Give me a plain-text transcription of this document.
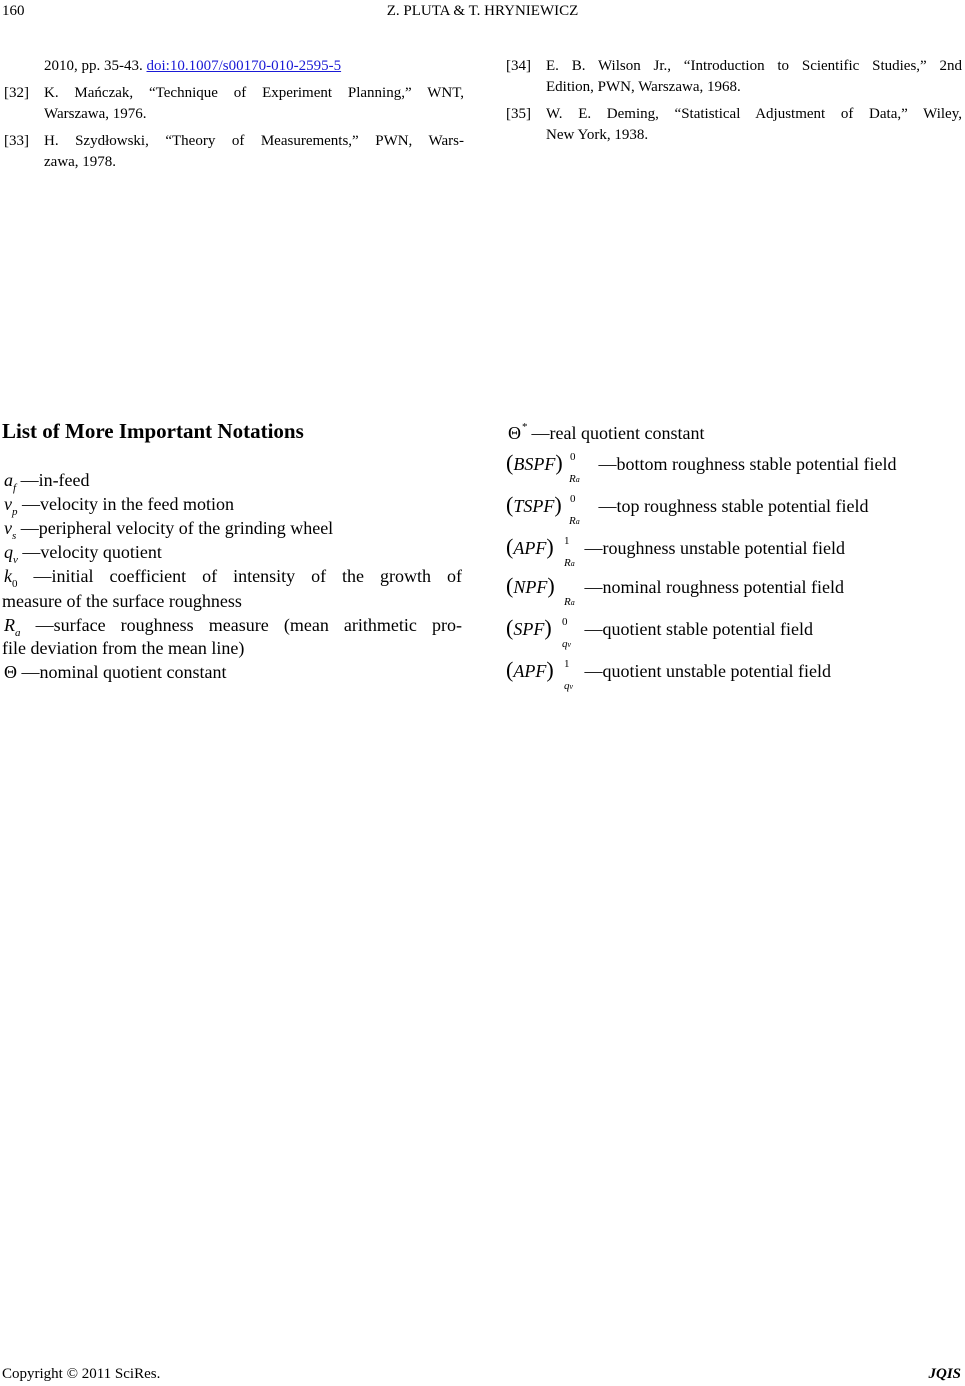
160	Z. PLUTA & T. HRYNIEWICZ
2010, pp. 35-43. doi:10.1007/s00170-010-2595-5
[32] K. Mańczak, “Technique of Experiment Planning,” WNT,
Warszawa, 1976.
[33] H. Szydłowski, “Theory of Measurements,” PWN, Wars-
zawa, 1978.
[34] E. B. Wilson Jr., “Introduction to Scientific Studies,” 2nd
Edition, PWN, Warszawa, 1968.
[35] W. E. Deming, “Statistical Adjustment of Data,” Wiley,
New York, 1938.
List of More Important Notations
$a_f$ —in-feed
$v_p$ —velocity in the feed motion
$v_s$ —peripheral velocity of the grinding wheel
$q_v$ —velocity quotient
$k_0$ —initial coefficient of intensity of the growth of
measure of the surface roughness
$R_a$ —surface roughness measure (mean arithmetic pro-
file deviation from the mean line)
Θ —nominal quotient constant
Θ * —real quotient constant
(BSPF) 0
Ra
—bottom roughness stable potential field
(TSPF) 0
Ra
—top roughness stable potential field
(APF) 1
Ra
—roughness unstable potential field
(NPF)
Ra
—nominal roughness potential field
(SPF) 0
qv
—quotient stable potential field
(APF) 1
qv
—quotient unstable potential field
Copyright © 2011 SciRes.	JQIS
